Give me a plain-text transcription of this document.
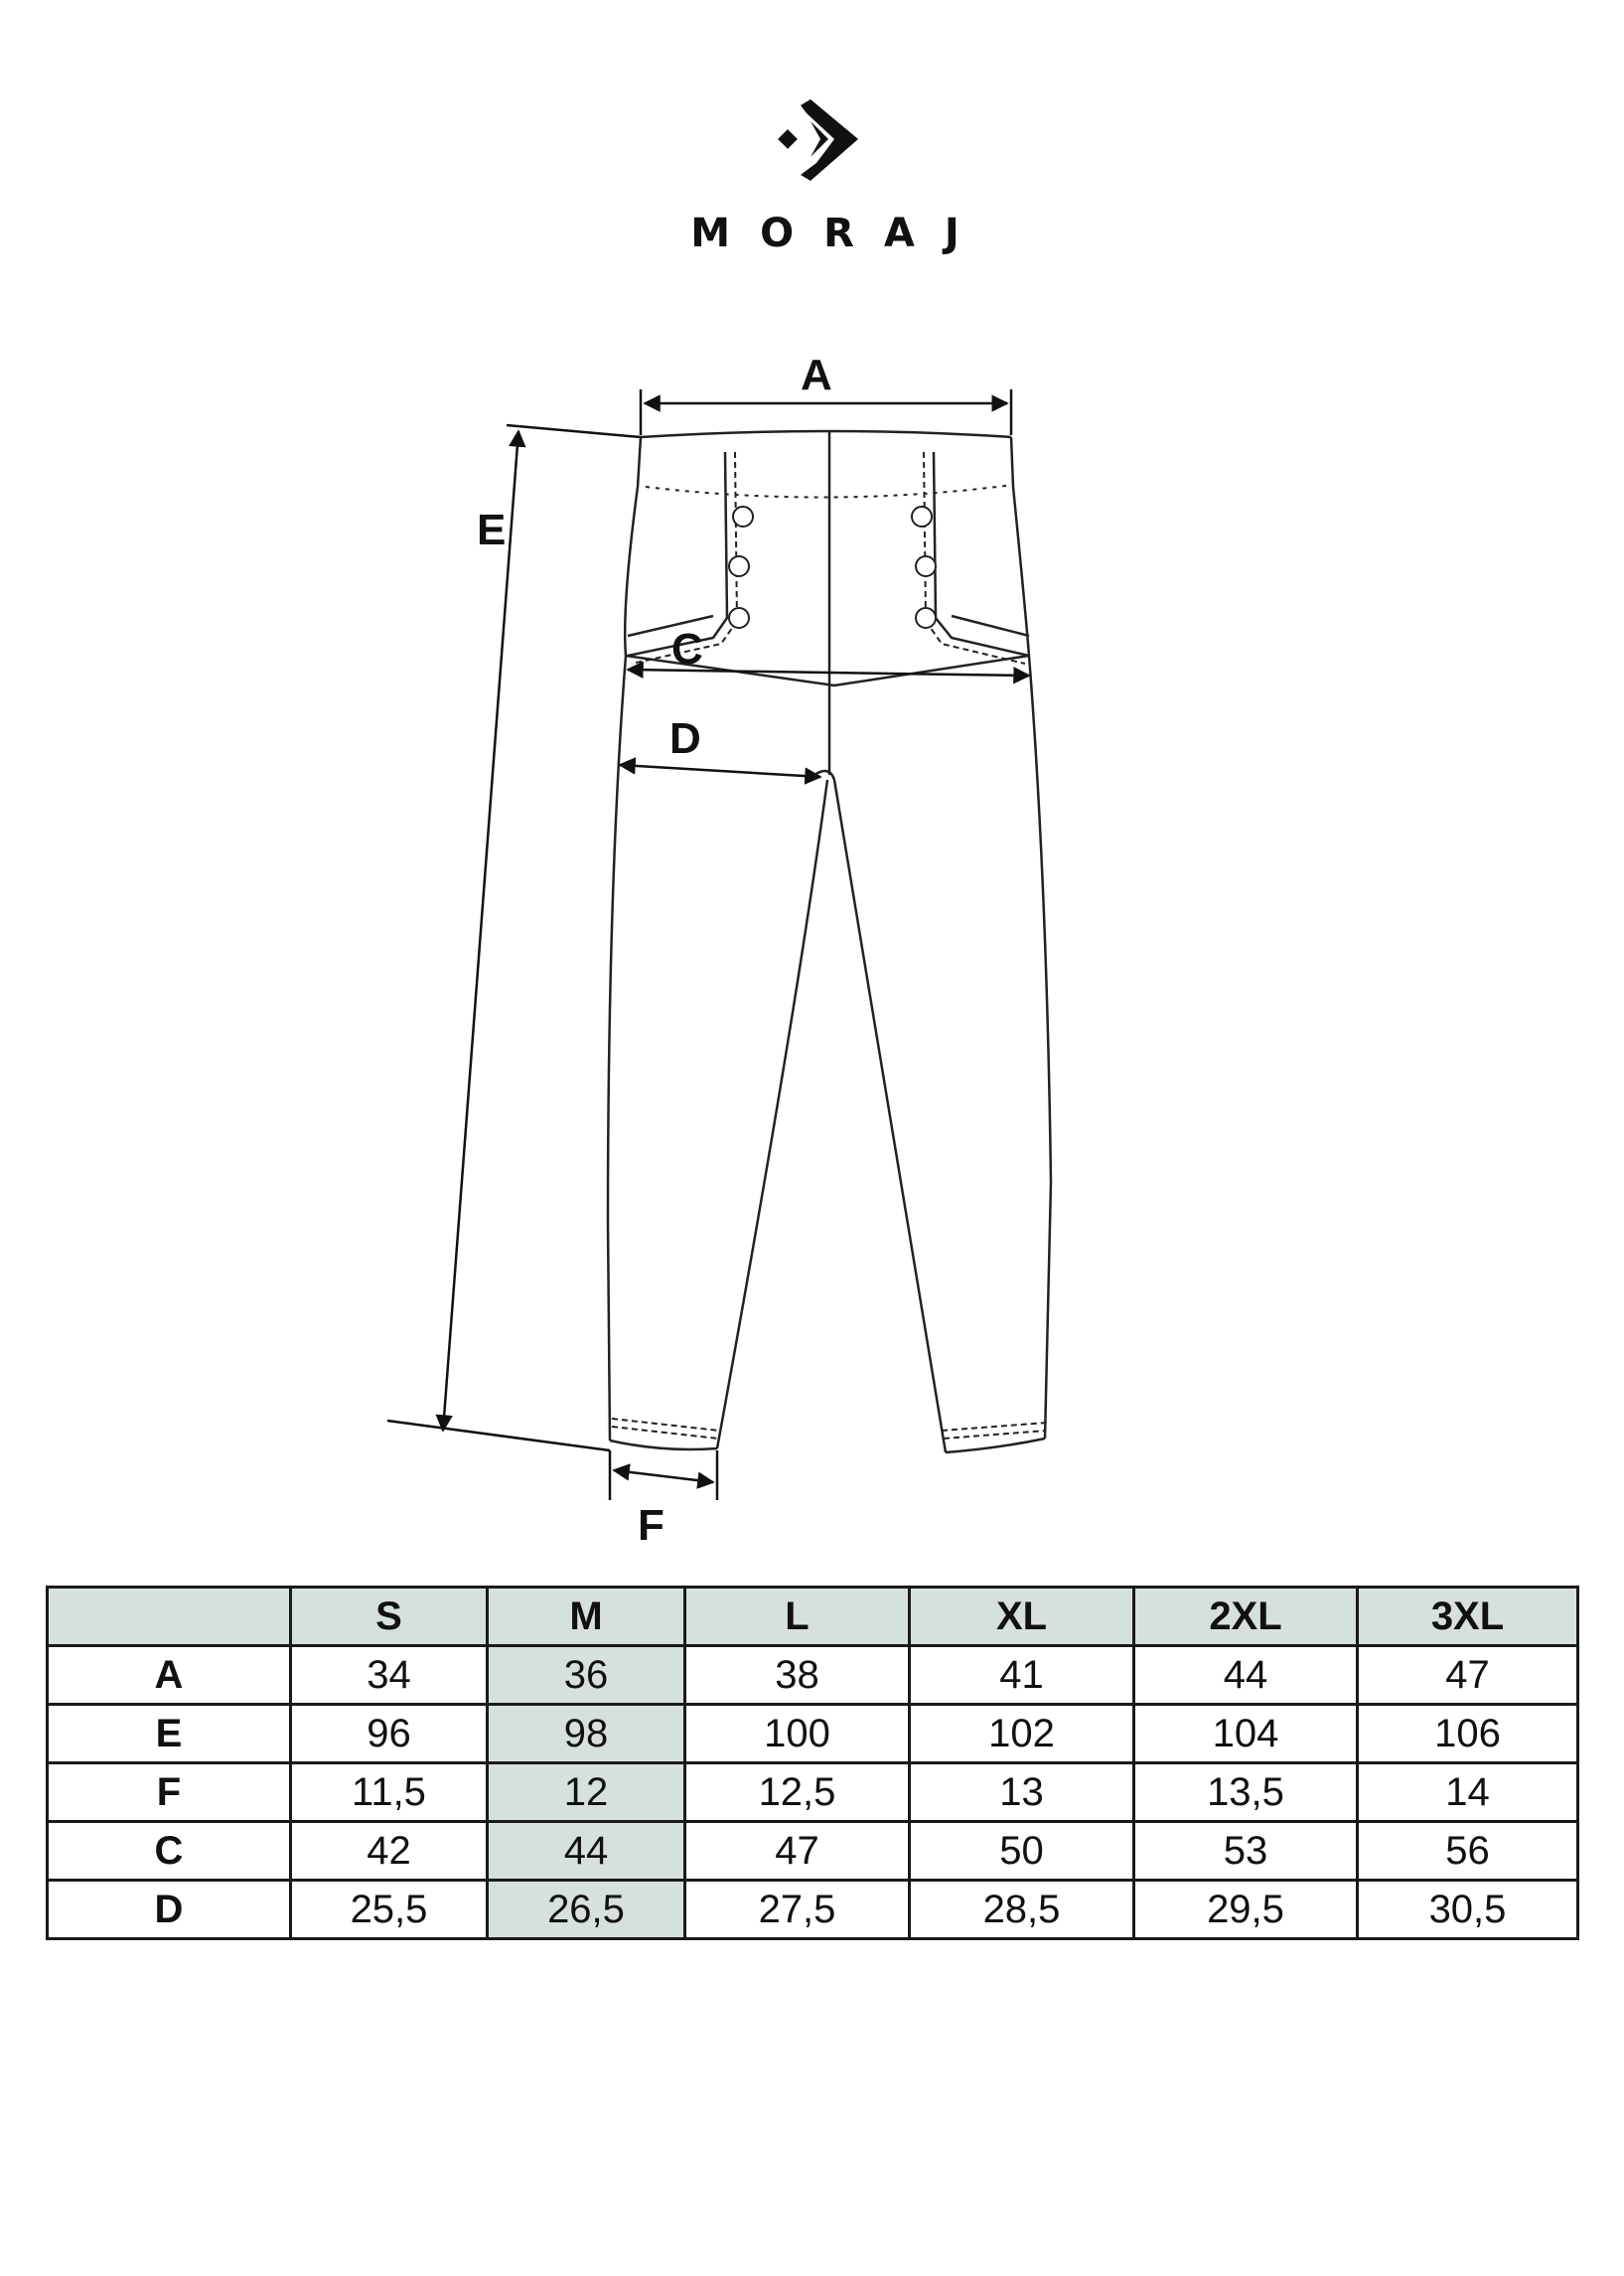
MORAJ
A
E
C
D
F
	S	M	L	XL	2XL	3XL
A	34	36	38	41	44	47
E	96	98	100	102	104	106
F	11,5	12	12,5	13	13,5	14
C	42	44	47	50	53	56
D	25,5	26,5	27,5	28,5	29,5	30,5
